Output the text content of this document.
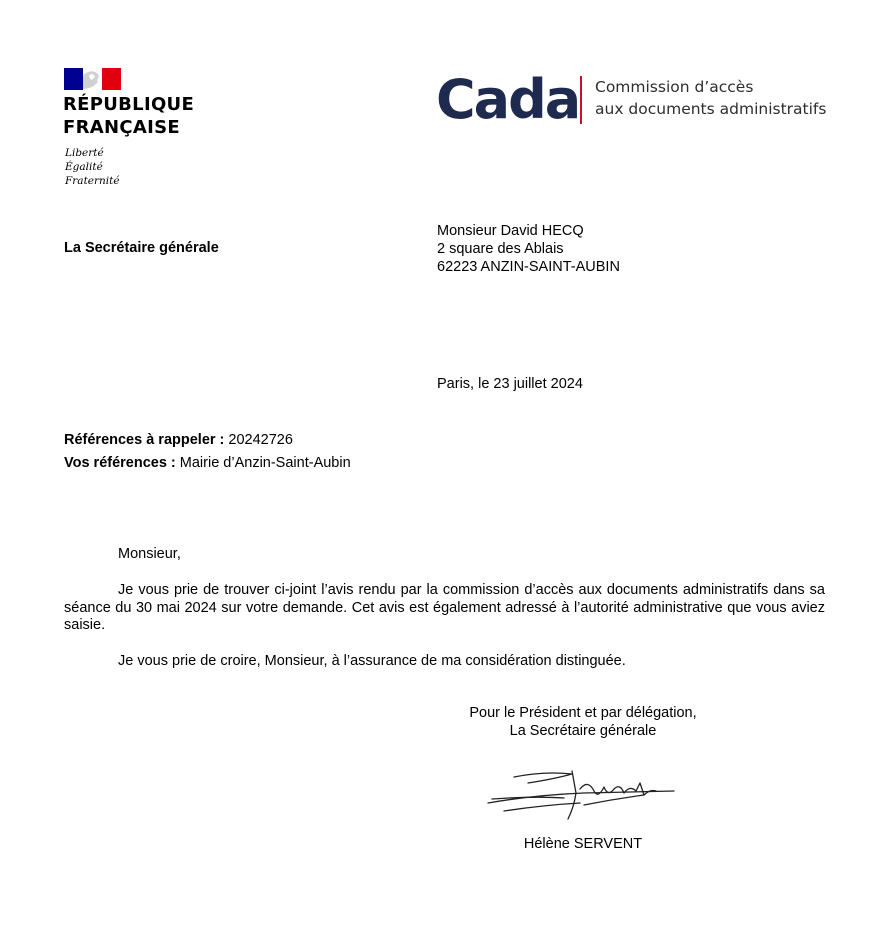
RÉPUBLIQUE
FRANÇAISE
Liberté
Égalité
Fraternité
Cada Commission d’accès
aux documents administratifs
La Secrétaire générale
Monsieur David HECQ
2 square des Ablais
62223 ANZIN-SAINT-AUBIN
Paris, le 23 juillet 2024
Références à rappeler : 20242726
Vos références : Mairie d’Anzin-Saint-Aubin
Monsieur,
Je vous prie de trouver ci-joint l’avis rendu par la commission d’accès aux documents administratifs dans sa séance du 30 mai 2024 sur votre demande. Cet avis est également adressé à l’autorité administrative que vous aviez saisie.
Je vous prie de croire, Monsieur, à l’assurance de ma considération distinguée.
Pour le Président et par délégation,
La Secrétaire générale
Hélène SERVENT
